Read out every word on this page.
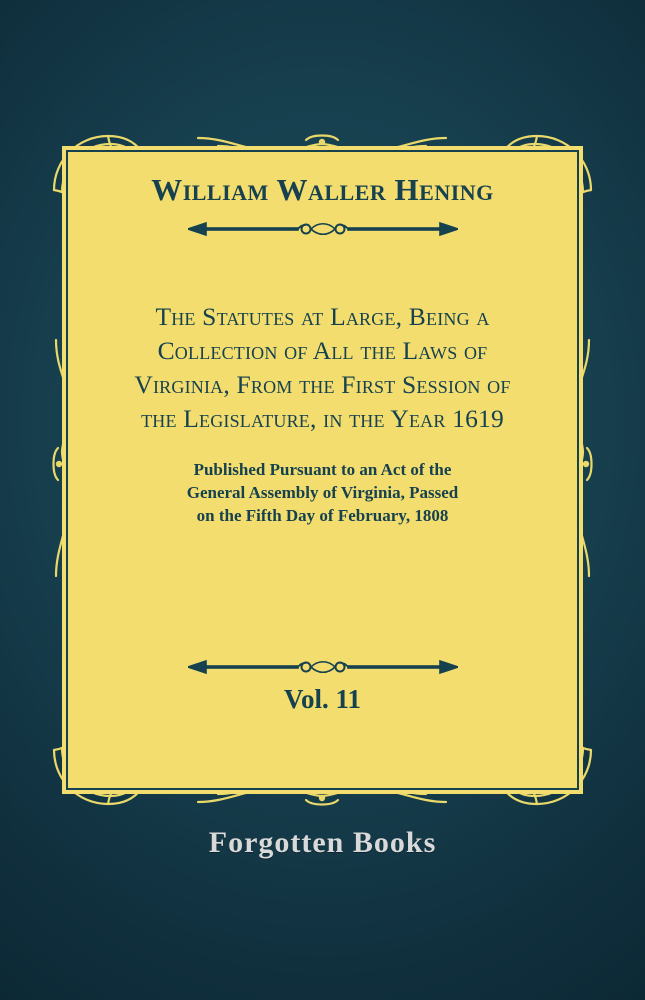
William Waller Hening
The Statutes at Large, Being a
Collection of All the Laws of
Virginia, From the First Session of
the Legislature, in the Year 1619
Published Pursuant to an Act of the
General Assembly of Virginia, Passed
on the Fifth Day of February, 1808
Vol. 11
Forgotten Books
